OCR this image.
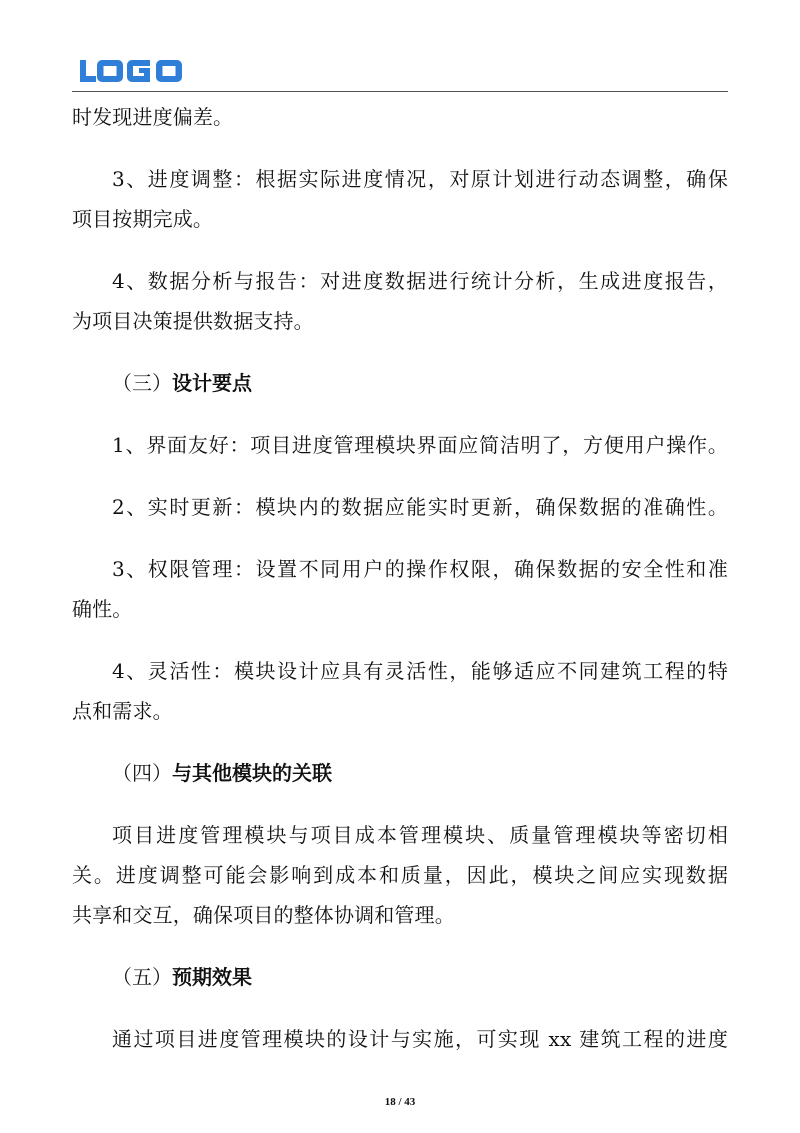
时发现进度偏差。
3、进度调整：根据实际进度情况，对原计划进行动态调整，确保
项目按期完成。
4、数据分析与报告：对进度数据进行统计分析，生成进度报告，
为项目决策提供数据支持。
（三）设计要点
1、界面友好：项目进度管理模块界面应简洁明了，方便用户操作。
2、实时更新：模块内的数据应能实时更新，确保数据的准确性。
3、权限管理：设置不同用户的操作权限，确保数据的安全性和准
确性。
4、灵活性：模块设计应具有灵活性，能够适应不同建筑工程的特
点和需求。
（四）与其他模块的关联
项目进度管理模块与项目成本管理模块、质量管理模块等密切相
关。进度调整可能会影响到成本和质量，因此，模块之间应实现数据
共享和交互，确保项目的整体协调和管理。
（五）预期效果
通过项目进度管理模块的设计与实施，可实现 xx 建筑工程的进度
18 / 43
